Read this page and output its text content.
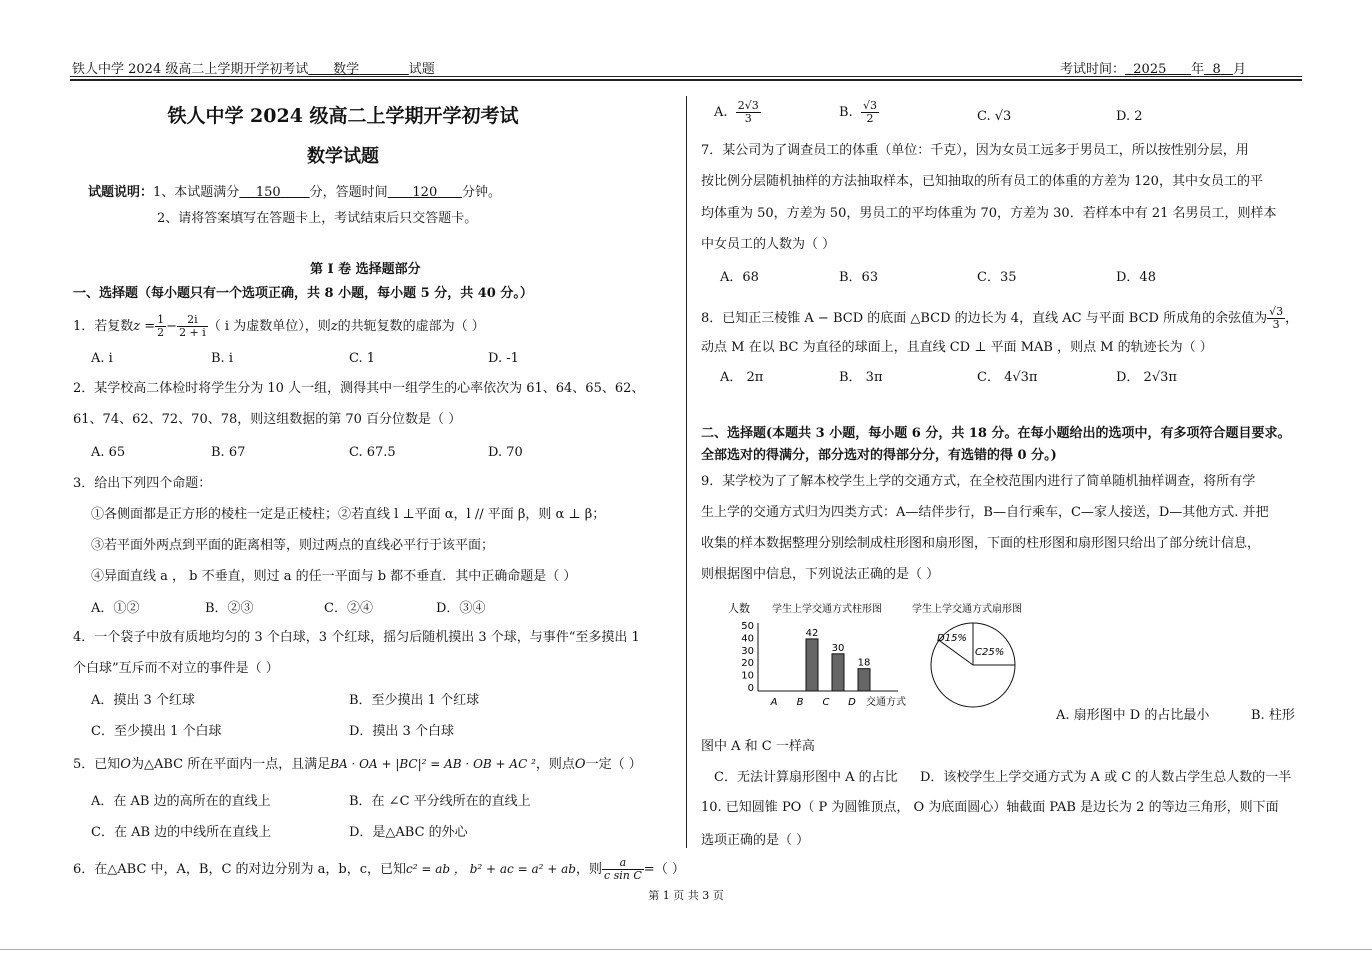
铁人中学 2024 级高二上学期开学初考试 数学	试题	考试时间： 2025 年 8 月
铁人中学 2024 级高二上学期开学初考试
数学试题
试题说明：1、本试题满分 150 分，答题时间 120 分钟。
2、请将答案填写在答题卡上，考试结束后只交答题卡。
第 I 卷 选择题部分
一、选择题（每小题只有一个选项正确，共 8 小题，每小题 5 分，共 40 分。）
1．若复数$z = \frac{1}{2} - \frac{2i}{2 + i}$ （ i 为虚数单位），则z的共轭复数的虚部为（ ）
A. i	B. i	C. 1	D. -1
2．某学校高二体检时将学生分为 10 人一组，测得其中一组学生的心率依次为 61、64、65、62、
61、74、62、72、70、78，则这组数据的第 70 百分位数是（ ）
A. 65	B. 67	C. 67.5	D. 70
3．给出下列四个命题：
①各侧面都是正方形的棱柱一定是正棱柱；②若直线 l ⊥平面 α，l // 平面 β，则 α ⊥ β；
③若平面外两点到平面的距离相等，则过两点的直线必平行于该平面；
④异面直线 a ， b 不垂直，则过 a 的任一平面与 b 都不垂直．其中正确命题是（ ）
A．①②	B．②③	C．②④	D．③④
4．一个袋子中放有质地均匀的 3 个白球，3 个红球，摇匀后随机摸出 3 个球，与事件“至多摸出 1
个白球”互斥而不对立的事件是（ ）
A．摸出 3 个红球	B．至少摸出 1 个红球
C．至少摸出 1 个白球	D．摸出 3 个白球
5．已知O为△ABC 所在平面内一点，且满足BA · OA + |BC|² = AB · OB + AC ²，则点O一定（ ）
A．在 AB 边的高所在的直线上	B．在 ∠C 平分线所在的直线上
C．在 AB 边的中线所在直线上	D．是△ABC 的外心
6．在△ABC 中，A，B，C 的对边分别为 a，b，c，已知c² = ab ， b² + ac = a² + ab，则 $\frac{a}{\text{c sin C}}$ =（ ）
A. $\frac{2√3}{3}$	B. $\frac{√3}{2}$	C. √3	D. 2
7．某公司为了调查员工的体重（单位：千克），因为女员工远多于男员工，所以按性别分层，用
按比例分层随机抽样的方法抽取样本，已知抽取的所有员工的体重的方差为 120，其中女员工的平
均体重为 50，方差为 50，男员工的平均体重为 70，方差为 30．若样本中有 21 名男员工，则样本
中女员工的人数为（ ）
A．68	B．63	C．35	D．48
8．已知正三棱锥 A − BCD 的底面 △BCD 的边长为 4，直线 AC 与平面 BCD 所成角的余弦值为 $\frac{√3}{3}$ ，
动点 M 在以 BC 为直径的球面上，且直线 CD ⊥ 平面 MAB ，则点 M 的轨迹长为（ ）
A． 2π	B． 3π	C． 4√3π	D． 2√3π
二、选择题(本题共 3 小题，每小题 6 分，共 18 分。在每小题给出的选项中，有多项符合题目要求。
全部选对的得满分，部分选对的得部分分，有选错的得 0 分。)
9．某学校为了了解本校学生上学的交通方式，在全校范围内进行了简单随机抽样调查，将所有学
生上学的交通方式归为四类方式：A—结伴步行，B—自行乘车，C—家人接送，D—其他方式. 并把
收集的样本数据整理分别绘制成柱形图和扇形图，下面的柱形图和扇形图只给出了部分统计信息，
则根据图中信息，下列说法正确的是（ ）
人数 学生上学交通方式柱形图
0
10
20
30
40
50
A B
42
C
30
D
18
交通方式
学生上学交通方式扇形图
D15%
C25%
A. 扇形图中 D 的占比最小	B. 柱形
图中 A 和 C 一样高
C．无法计算扇形图中 A 的占比 D．该校学生上学交通方式为 A 或 C 的人数占学生总人数的一半
10. 已知圆锥 PO（ P 为圆锥顶点， O 为底面圆心）轴截面 PAB 是边长为 2 的等边三角形，则下面
选项正确的是（ ）
第 1 页 共 3 页
